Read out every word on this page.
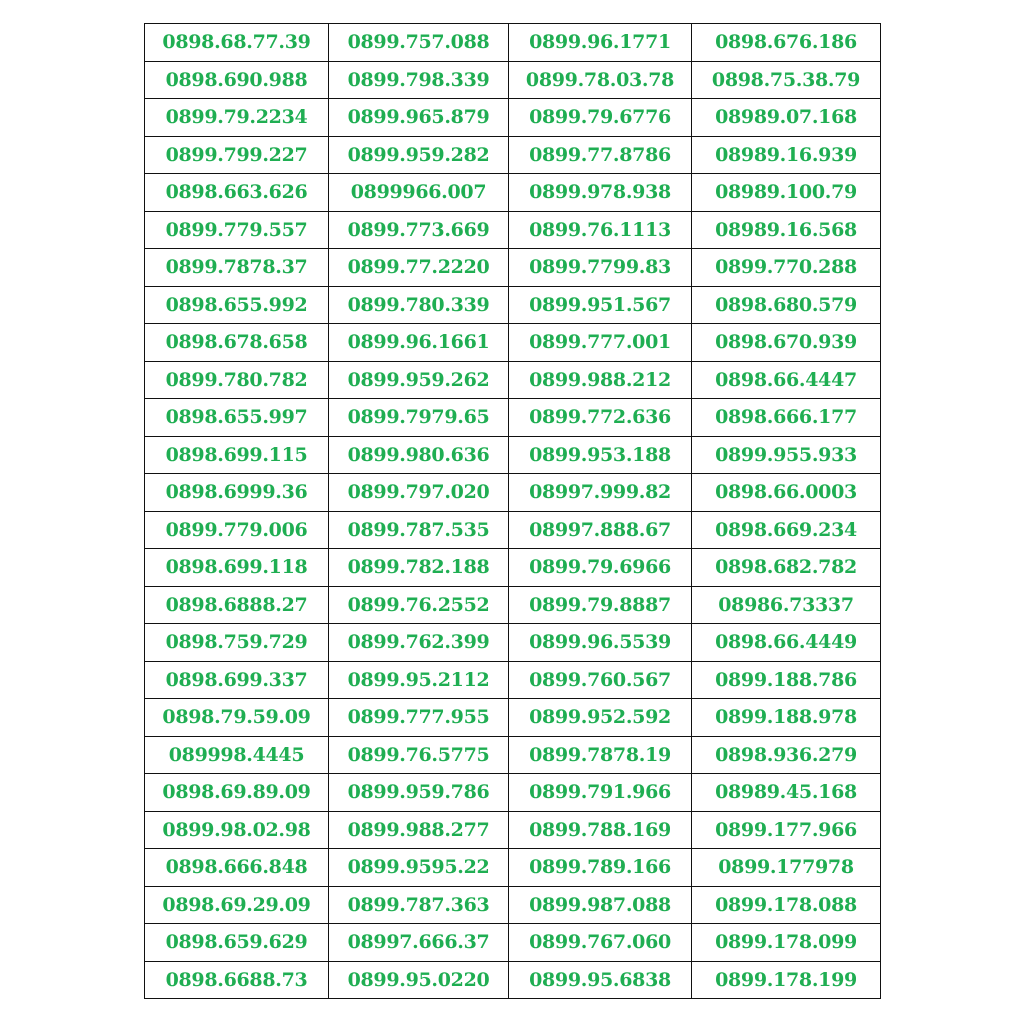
0898.68.77.39	0899.757.088	0899.96.1771	0898.676.186
0898.690.988	0899.798.339	0899.78.03.78	0898.75.38.79
0899.79.2234	0899.965.879	0899.79.6776	08989.07.168
0899.799.227	0899.959.282	0899.77.8786	08989.16.939
0898.663.626	0899966.007	0899.978.938	08989.100.79
0899.779.557	0899.773.669	0899.76.1113	08989.16.568
0899.7878.37	0899.77.2220	0899.7799.83	0899.770.288
0898.655.992	0899.780.339	0899.951.567	0898.680.579
0898.678.658	0899.96.1661	0899.777.001	0898.670.939
0899.780.782	0899.959.262	0899.988.212	0898.66.4447
0898.655.997	0899.7979.65	0899.772.636	0898.666.177
0898.699.115	0899.980.636	0899.953.188	0899.955.933
0898.6999.36	0899.797.020	08997.999.82	0898.66.0003
0899.779.006	0899.787.535	08997.888.67	0898.669.234
0898.699.118	0899.782.188	0899.79.6966	0898.682.782
0898.6888.27	0899.76.2552	0899.79.8887	08986.73337
0898.759.729	0899.762.399	0899.96.5539	0898.66.4449
0898.699.337	0899.95.2112	0899.760.567	0899.188.786
0898.79.59.09	0899.777.955	0899.952.592	0899.188.978
089998.4445	0899.76.5775	0899.7878.19	0898.936.279
0898.69.89.09	0899.959.786	0899.791.966	08989.45.168
0899.98.02.98	0899.988.277	0899.788.169	0899.177.966
0898.666.848	0899.9595.22	0899.789.166	0899.177978
0898.69.29.09	0899.787.363	0899.987.088	0899.178.088
0898.659.629	08997.666.37	0899.767.060	0899.178.099
0898.6688.73	0899.95.0220	0899.95.6838	0899.178.199
